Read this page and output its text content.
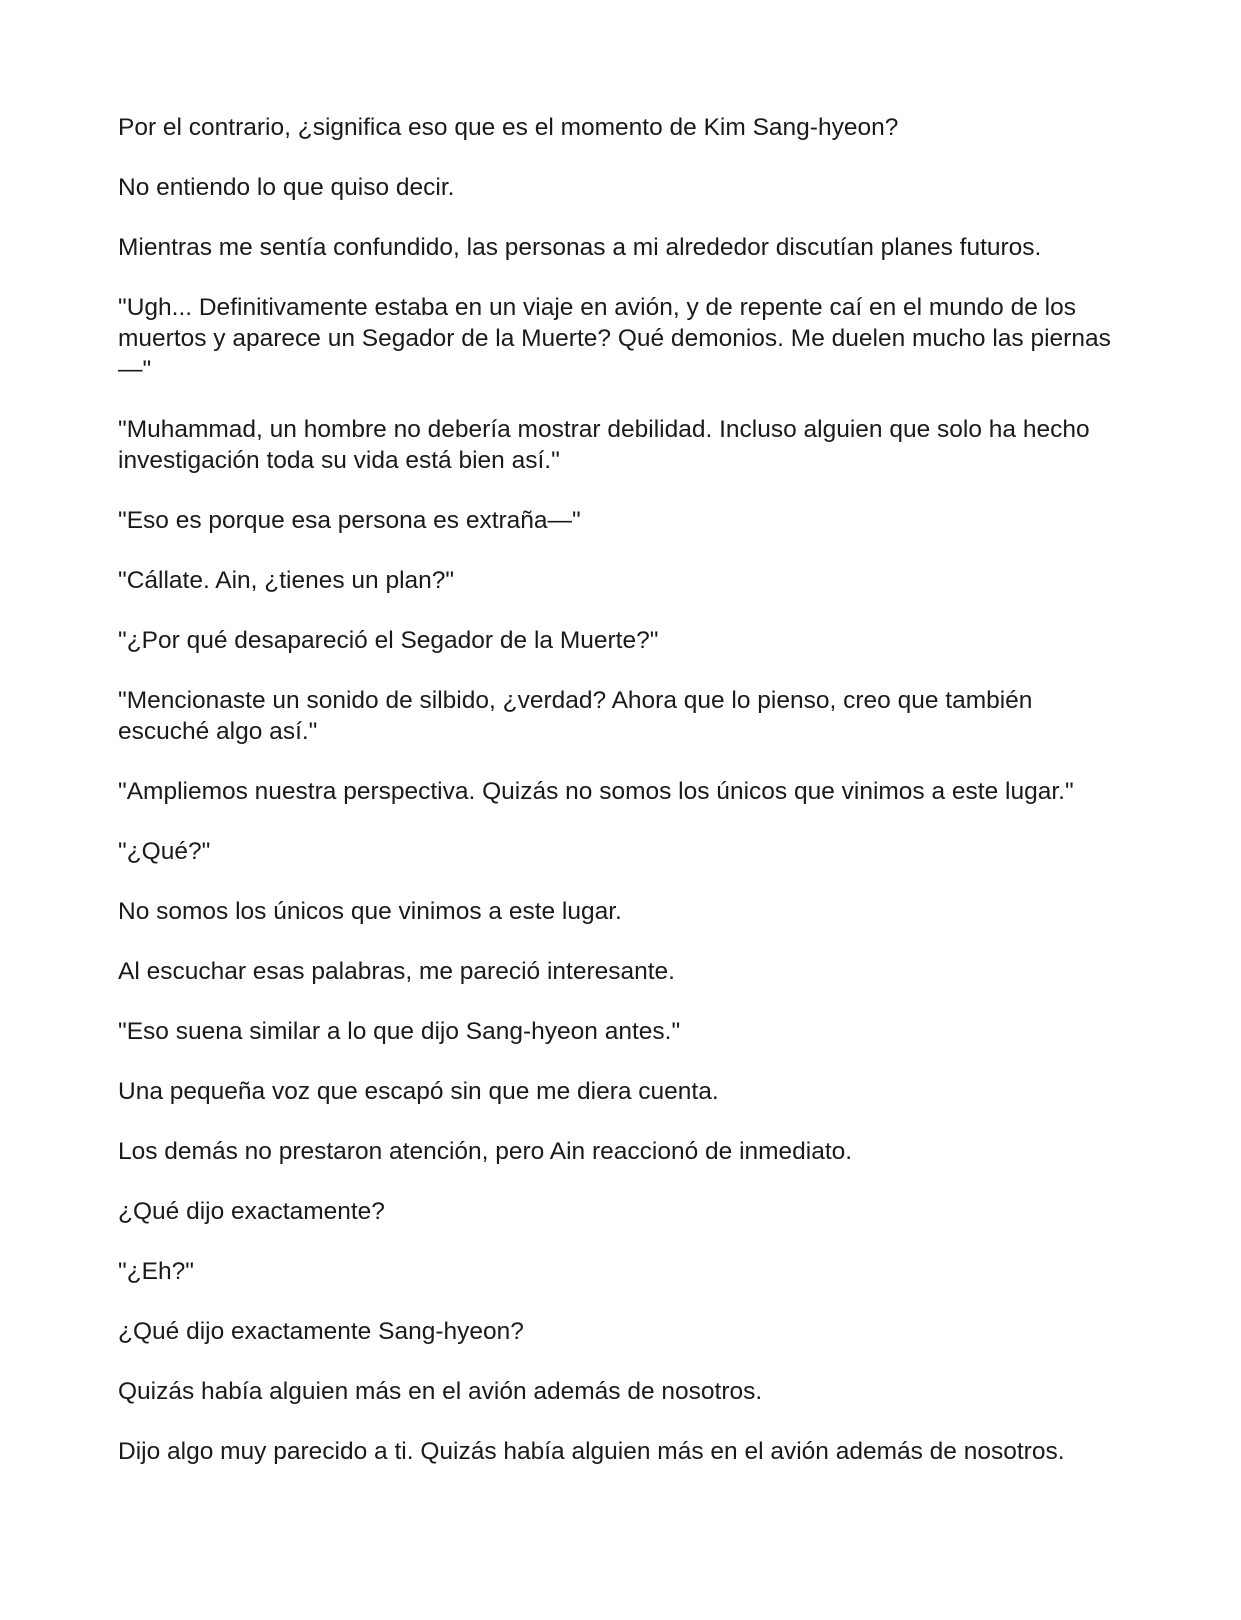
Por el contrario, ¿significa eso que es el momento de Kim Sang-hyeon?

No entiendo lo que quiso decir.

Mientras me sentía confundido, las personas a mi alrededor discutían planes futuros.

"Ugh... Definitivamente estaba en un viaje en avión, y de repente caí en el mundo de los muertos y aparece un Segador de la Muerte? Qué demonios. Me duelen mucho las piernas—"

"Muhammad, un hombre no debería mostrar debilidad. Incluso alguien que solo ha hecho investigación toda su vida está bien así."

"Eso es porque esa persona es extraña—"

"Cállate. Ain, ¿tienes un plan?"

"¿Por qué desapareció el Segador de la Muerte?"

"Mencionaste un sonido de silbido, ¿verdad? Ahora que lo pienso, creo que también escuché algo así."

"Ampliemos nuestra perspectiva. Quizás no somos los únicos que vinimos a este lugar."

"¿Qué?"

No somos los únicos que vinimos a este lugar.

Al escuchar esas palabras, me pareció interesante.

"Eso suena similar a lo que dijo Sang-hyeon antes."

Una pequeña voz que escapó sin que me diera cuenta.

Los demás no prestaron atención, pero Ain reaccionó de inmediato.

¿Qué dijo exactamente?

"¿Eh?"

¿Qué dijo exactamente Sang-hyeon?

Quizás había alguien más en el avión además de nosotros.

Dijo algo muy parecido a ti. Quizás había alguien más en el avión además de nosotros.
